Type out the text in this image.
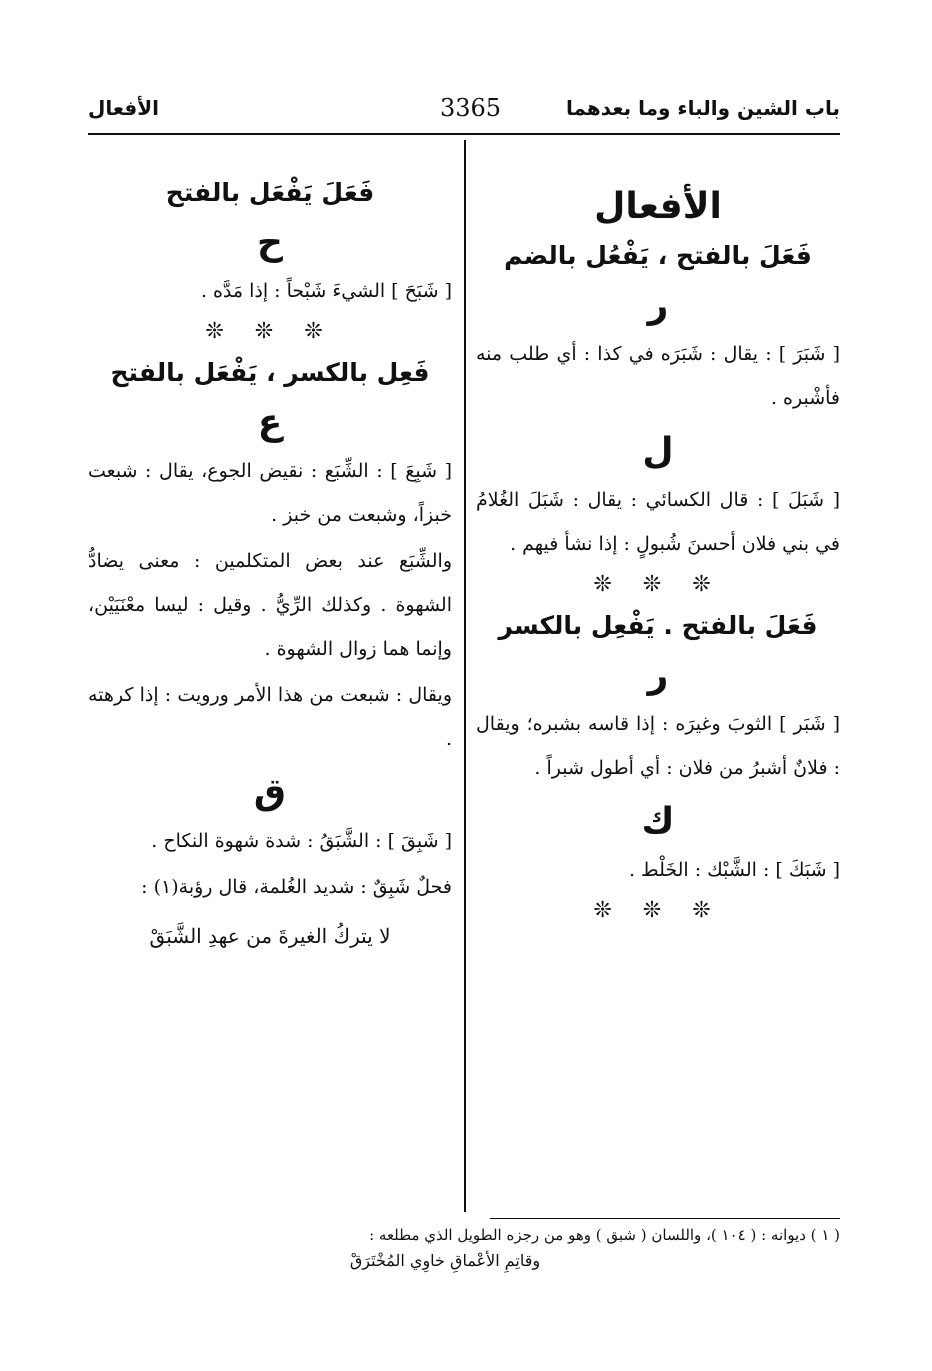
باب الشين والباء وما بعدهما
3365
الأفعال
الأفعال
فَعَلَ بالفتح ، يَفْعُل بالضم
ر

[ شَبَرَ ] : يقال : شَبَرَه في كذا : أي طلب منه فأشْبره .

ل

[ شَبَلَ ] : قال الكسائي : يقال : شَبَلَ الغُلامُ في بني فلان أحسنَ شُبولٍ : إذا نشأ فيهم .

❊ ❊ ❊
فَعَلَ بالفتح . يَفْعِل بالكسر
ر

[ شَبَر ] الثوبَ وغيرَه : إذا قاسه بشبره؛ ويقال : فلانٌ أشبرُ من فلان : أي أطول شبراً .

ك

[ شَبَكَ ] : الشَّبْك : الخَلْط .

❊ ❊ ❊
فَعَلَ يَفْعَل بالفتح
ح

[ شَبَحَ ] الشيءَ شَبْحاً : إذا مَدَّه .

❊ ❊ ❊
فَعِل بالكسر ، يَفْعَل بالفتح
ع

[ شَبِعَ ] : الشِّبَع : نقيض الجوع، يقال : شبعت خبزاً، وشبعت من خبز .

والشِّبَع عند بعض المتكلمين : معنى يضادُّ الشهوة . وكذلك الرِّيُّ . وقيل : ليسا معْنَيَيْن، وإنما هما زوال الشهوة .

ويقال : شبعت من هذا الأمر ورويت : إذا كرهته .

ق

[ شَبِقَ ] : الشَّبَقُ : شدة شهوة النكاح .

فحلٌ شَبِقٌ : شديد الغُلمة، قال رؤبة(١) :

لا يتركُ الغيرةَ من عهدِ الشَّبَقْ
( ١ ) ديوانه : ( ١٠٤ )، واللسان ( شبق ) وهو من رجزه الطويل الذي مطلعه :
وقاتِمِ الأعْماقِ خاوِي المُخْتَرَقْ
